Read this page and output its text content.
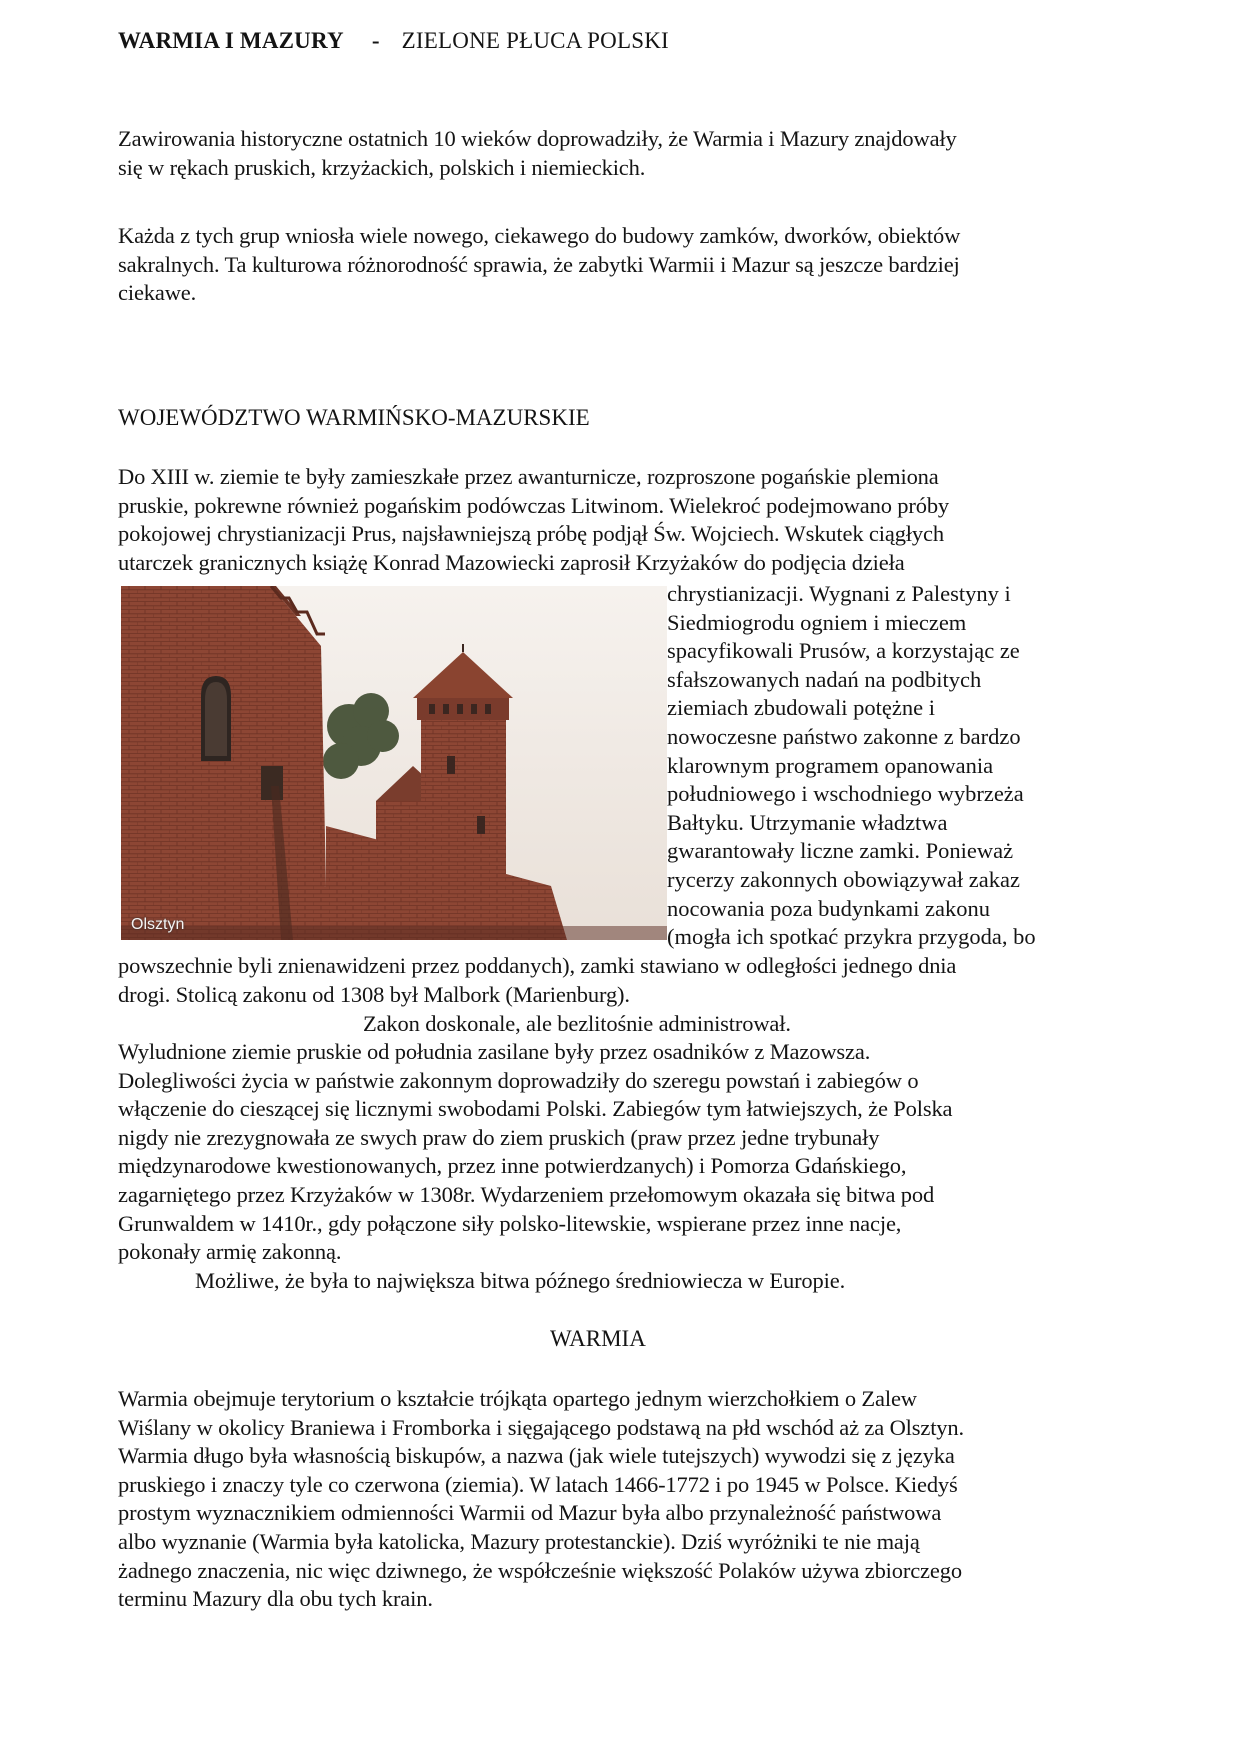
WARMIA I MAZURY - ZIELONE PŁUCA POLSKI
Zawirowania historyczne ostatnich 10 wieków doprowadziły, że Warmia i Mazury znajdowały
się w rękach pruskich, krzyżackich, polskich i niemieckich.
Każda z tych grup wniosła wiele nowego, ciekawego do budowy zamków, dworków, obiektów
sakralnych. Ta kulturowa różnorodność sprawia, że zabytki Warmii i Mazur są jeszcze bardziej
ciekawe.
WOJEWÓDZTWO WARMIŃSKO-MAZURSKIE
Do XIII w. ziemie te były zamieszkałe przez awanturnicze, rozproszone pogańskie plemiona
pruskie, pokrewne również pogańskim podówczas Litwinom. Wielekroć podejmowano próby
pokojowej chrystianizacji Prus, najsławniejszą próbę podjął Św. Wojciech. Wskutek ciągłych
utarczek granicznych książę Konrad Mazowiecki zaprosił Krzyżaków do podjęcia dzieła
Olsztyn
chrystianizacji. Wygnani z Palestyny i
Siedmiogrodu ogniem i mieczem
spacyfikowali Prusów, a korzystając ze
sfałszowanych nadań na podbitych
ziemiach zbudowali potężne i
nowoczesne państwo zakonne z bardzo
klarownym programem opanowania
południowego i wschodniego wybrzeża
Bałtyku. Utrzymanie władztwa
gwarantowały liczne zamki. Ponieważ
rycerzy zakonnych obowiązywał zakaz
nocowania poza budynkami zakonu
(mogła ich spotkać przykra przygoda, bo
powszechnie byli znienawidzeni przez poddanych), zamki stawiano w odległości jednego dnia
drogi. Stolicą zakonu od 1308 był Malbork (Marienburg).
Zakon doskonale, ale bezlitośnie administrował.
Wyludnione ziemie pruskie od południa zasilane były przez osadników z Mazowsza.
Dolegliwości życia w państwie zakonnym doprowadziły do szeregu powstań i zabiegów o
włączenie do cieszącej się licznymi swobodami Polski. Zabiegów tym łatwiejszych, że Polska
nigdy nie zrezygnowała ze swych praw do ziem pruskich (praw przez jedne trybunały
międzynarodowe kwestionowanych, przez inne potwierdzanych) i Pomorza Gdańskiego,
zagarniętego przez Krzyżaków w 1308r. Wydarzeniem przełomowym okazała się bitwa pod
Grunwaldem w 1410r., gdy połączone siły polsko-litewskie, wspierane przez inne nacje,
pokonały armię zakonną.
Możliwe, że była to największa bitwa późnego średniowiecza w Europie.
WARMIA
Warmia obejmuje terytorium o kształcie trójkąta opartego jednym wierzchołkiem o Zalew
Wiślany w okolicy Braniewa i Fromborka i sięgającego podstawą na płd wschód aż za Olsztyn.
Warmia długo była własnością biskupów, a nazwa (jak wiele tutejszych) wywodzi się z języka
pruskiego i znaczy tyle co czerwona (ziemia). W latach 1466-1772 i po 1945 w Polsce. Kiedyś
prostym wyznacznikiem odmienności Warmii od Mazur była albo przynależność państwowa
albo wyznanie (Warmia była katolicka, Mazury protestanckie). Dziś wyróżniki te nie mają
żadnego znaczenia, nic więc dziwnego, że współcześnie większość Polaków używa zbiorczego
terminu Mazury dla obu tych krain.
